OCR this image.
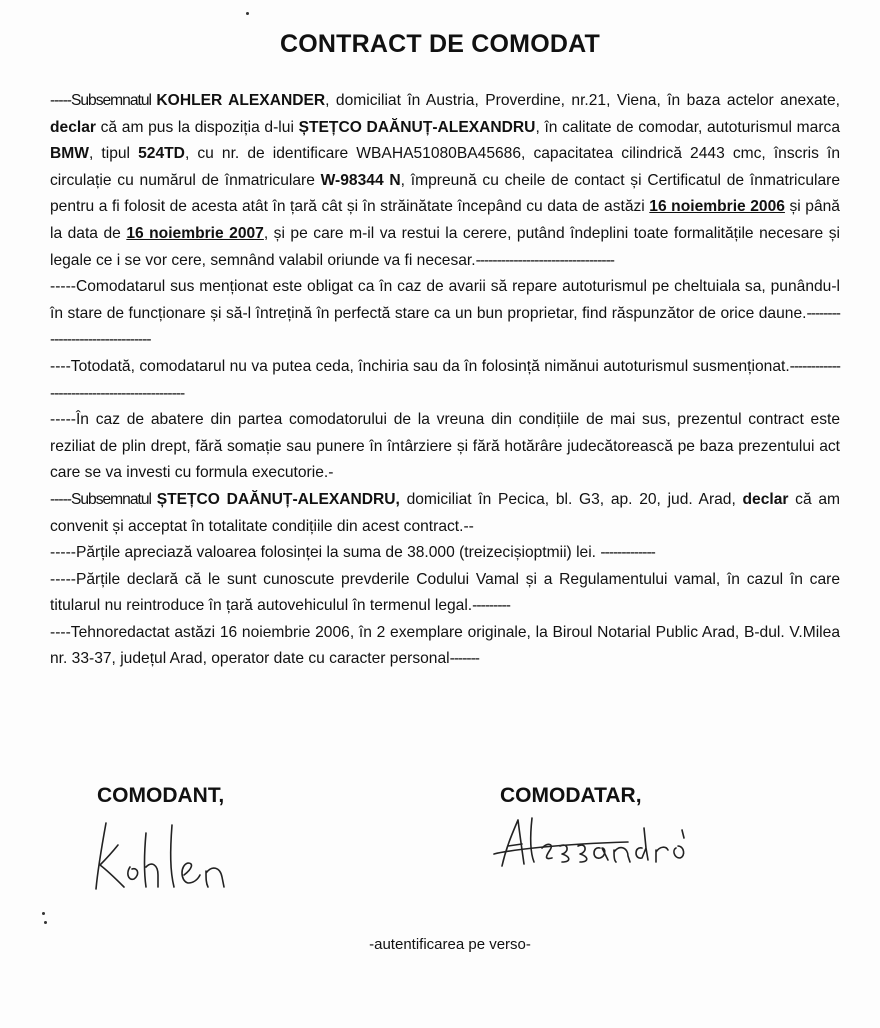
CONTRACT DE COMODAT

-----Subsemnatul KOHLER ALEXANDER, domiciliat în Austria, Proverdine, nr.21, Viena, în baza actelor anexate, declar că am pus la dispoziția d-lui ȘTEȚCO DAĂNUȚ-ALEXANDRU, în calitate de comodar, autoturismul marca BMW, tipul 524TD, cu nr. de identificare WBAHA51080BA45686, capacitatea cilindrică 2443 cmc, înscris în circulație cu numărul de înmatriculare W-98344 N, împreună cu cheile de contact și Certificatul de înmatriculare pentru a fi folosit de acesta atât în țară cât și în străinătate începând cu data de astăzi 16 noiembrie 2006 și până la data de 16 noiembrie 2007, și pe care m-il va restui la cerere, putând îndeplini toate formalitățile necesare și legale ce i se vor cere, semnând valabil oriunde va fi necesar.---------------------------------

-----Comodatarul sus menționat este obligat ca în caz de avarii să repare autoturismul pe cheltuiala sa, punându-l în stare de funcționare și să-l întrețină în perfectă stare ca un bun proprietar, find răspunzător de orice daune.--------------------------------

----Totodată, comodatarul nu va putea ceda, închiria sau da în folosință nimănui autoturismul susmenționat.--------------------------------------------

-----În caz de abatere din partea comodatorului de la vreuna din condițiile de mai sus, prezentul contract este reziliat de plin drept, fără somație sau punere în întârziere și fără hotărâre judecătorească pe baza prezentului act care se va investi cu formula executorie.-

-----Subsemnatul ȘTEȚCO DAĂNUȚ-ALEXANDRU, domiciliat în Pecica, bl. G3, ap. 20, jud. Arad, declar că am convenit și acceptat în totalitate condițiile din acest contract.--

-----Părțile apreciază valoarea folosinței la suma de 38.000 (treizecișioptmii) lei. -------------

-----Părțile declară că le sunt cunoscute prevderile Codului Vamal și a Regulamentului vamal, în cazul în care titularul nu reintroduce în țară autovehiculul în termenul legal.---------

----Tehnoredactat astăzi 16 noiembrie 2006, în 2 exemplare originale, la Biroul Notarial Public Arad, B-dul. V.Milea nr. 33-37, județul Arad, operator date cu caracter personal-------

COMODANT,	COMODATAR,
-autentificarea pe verso-
